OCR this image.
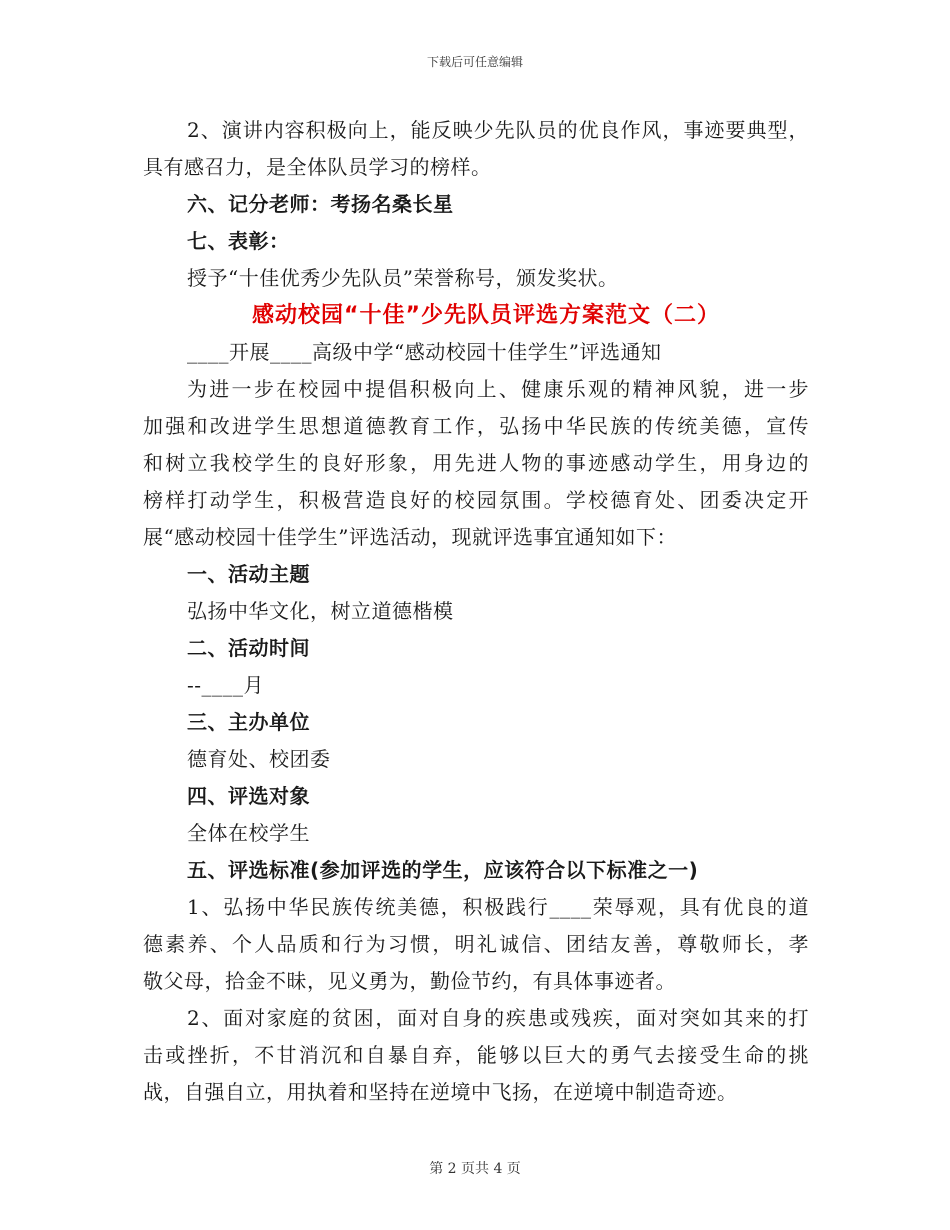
下载后可任意编辑
2、演讲内容积极向上，能反映少先队员的优良作风，事迹要典型，
具有感召力，是全体队员学习的榜样。
六、记分老师：考扬名桑长星
七、表彰：
授予“十佳优秀少先队员”荣誉称号，颁发奖状。
感动校园“十佳”少先队员评选方案范文（二）
____开展____高级中学“感动校园十佳学生”评选通知
为进一步在校园中提倡积极向上、健康乐观的精神风貌，进一步
加强和改进学生思想道德教育工作，弘扬中华民族的传统美德，宣传
和树立我校学生的良好形象，用先进人物的事迹感动学生，用身边的
榜样打动学生，积极营造良好的校园氛围。学校德育处、团委决定开
展“感动校园十佳学生”评选活动，现就评选事宜通知如下：
一、活动主题
弘扬中华文化，树立道德楷模
二、活动时间
--____月
三、主办单位
德育处、校团委
四、评选对象
全体在校学生
五、评选标准(参加评选的学生，应该符合以下标准之一)
1、弘扬中华民族传统美德，积极践行____荣辱观，具有优良的道
德素养、个人品质和行为习惯，明礼诚信、团结友善，尊敬师长，孝
敬父母，拾金不昧，见义勇为，勤俭节约，有具体事迹者。
2、面对家庭的贫困，面对自身的疾患或残疾，面对突如其来的打
击或挫折，不甘消沉和自暴自弃，能够以巨大的勇气去接受生命的挑
战，自强自立，用执着和坚持在逆境中飞扬，在逆境中制造奇迹。
第 2 页共 4 页
